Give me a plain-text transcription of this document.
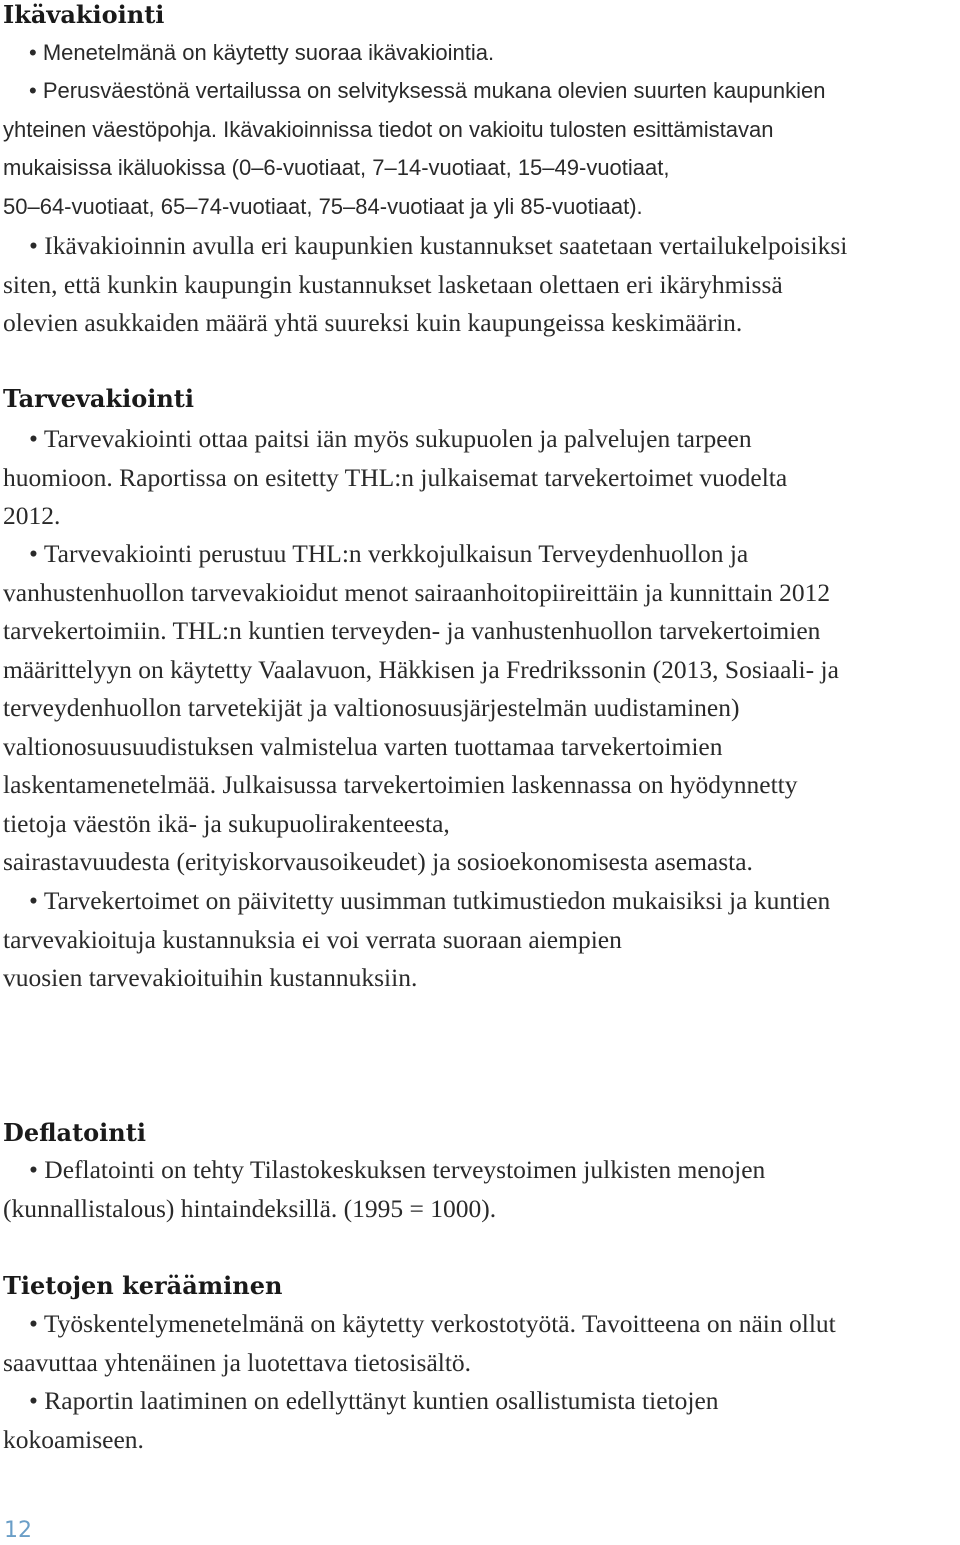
Ikävakiointi
• Menetelmänä on käytetty suoraa ikävakiointia.
• Perusväestönä vertailussa on selvityksessä mukana olevien suurten kaupunkien
yhteinen väestöpohja. Ikävakioinnissa tiedot on vakioitu tulosten esittämistavan
mukaisissa ikäluokissa (0–6-vuotiaat, 7–14-vuotiaat, 15–49-vuotiaat,
50–64-vuotiaat, 65–74-vuotiaat, 75–84-vuotiaat ja yli 85-vuotiaat).
• Ikävakioinnin avulla eri kaupunkien kustannukset saatetaan vertailukelpoisiksi
siten, että kunkin kaupungin kustannukset lasketaan olettaen eri ikäryhmissä
olevien asukkaiden määrä yhtä suureksi kuin kaupungeissa keskimäärin.
Tarvevakiointi
• Tarvevakiointi ottaa paitsi iän myös sukupuolen ja palvelujen tarpeen
huomioon. Raportissa on esitetty THL:n julkaisemat tarvekertoimet vuodelta
2012.
• Tarvevakiointi perustuu THL:n verkkojulkaisun Terveydenhuollon ja
vanhustenhuollon tarvevakioidut menot sairaanhoitopiireittäin ja kunnittain 2012
tarvekertoimiin. THL:n kuntien terveyden- ja vanhustenhuollon tarvekertoimien
määrittelyyn on käytetty Vaalavuon, Häkkisen ja Fredrikssonin (2013, Sosiaali- ja
terveydenhuollon tarvetekijät ja valtionosuusjärjestelmän uudistaminen)
valtionosuusuudistuksen valmistelua varten tuottamaa tarvekertoimien
laskentamenetelmää. Julkaisussa tarvekertoimien laskennassa on hyödynnetty
tietoja väestön ikä- ja sukupuolirakenteesta,
sairastavuudesta (erityiskorvausoikeudet) ja sosioekonomisesta asemasta.
• Tarvekertoimet on päivitetty uusimman tutkimustiedon mukaisiksi ja kuntien
tarvevakioituja kustannuksia ei voi verrata suoraan aiempien
vuosien tarvevakioituihin kustannuksiin.
Deflatointi
• Deflatointi on tehty Tilastokeskuksen terveystoimen julkisten menojen
(kunnallistalous) hintaindeksillä. (1995 = 1000).
Tietojen kerääminen
• Työskentelymenetelmänä on käytetty verkostotyötä. Tavoitteena on näin ollut
saavuttaa yhtenäinen ja luotettava tietosisältö.
• Raportin laatiminen on edellyttänyt kuntien osallistumista tietojen
kokoamiseen.
12
